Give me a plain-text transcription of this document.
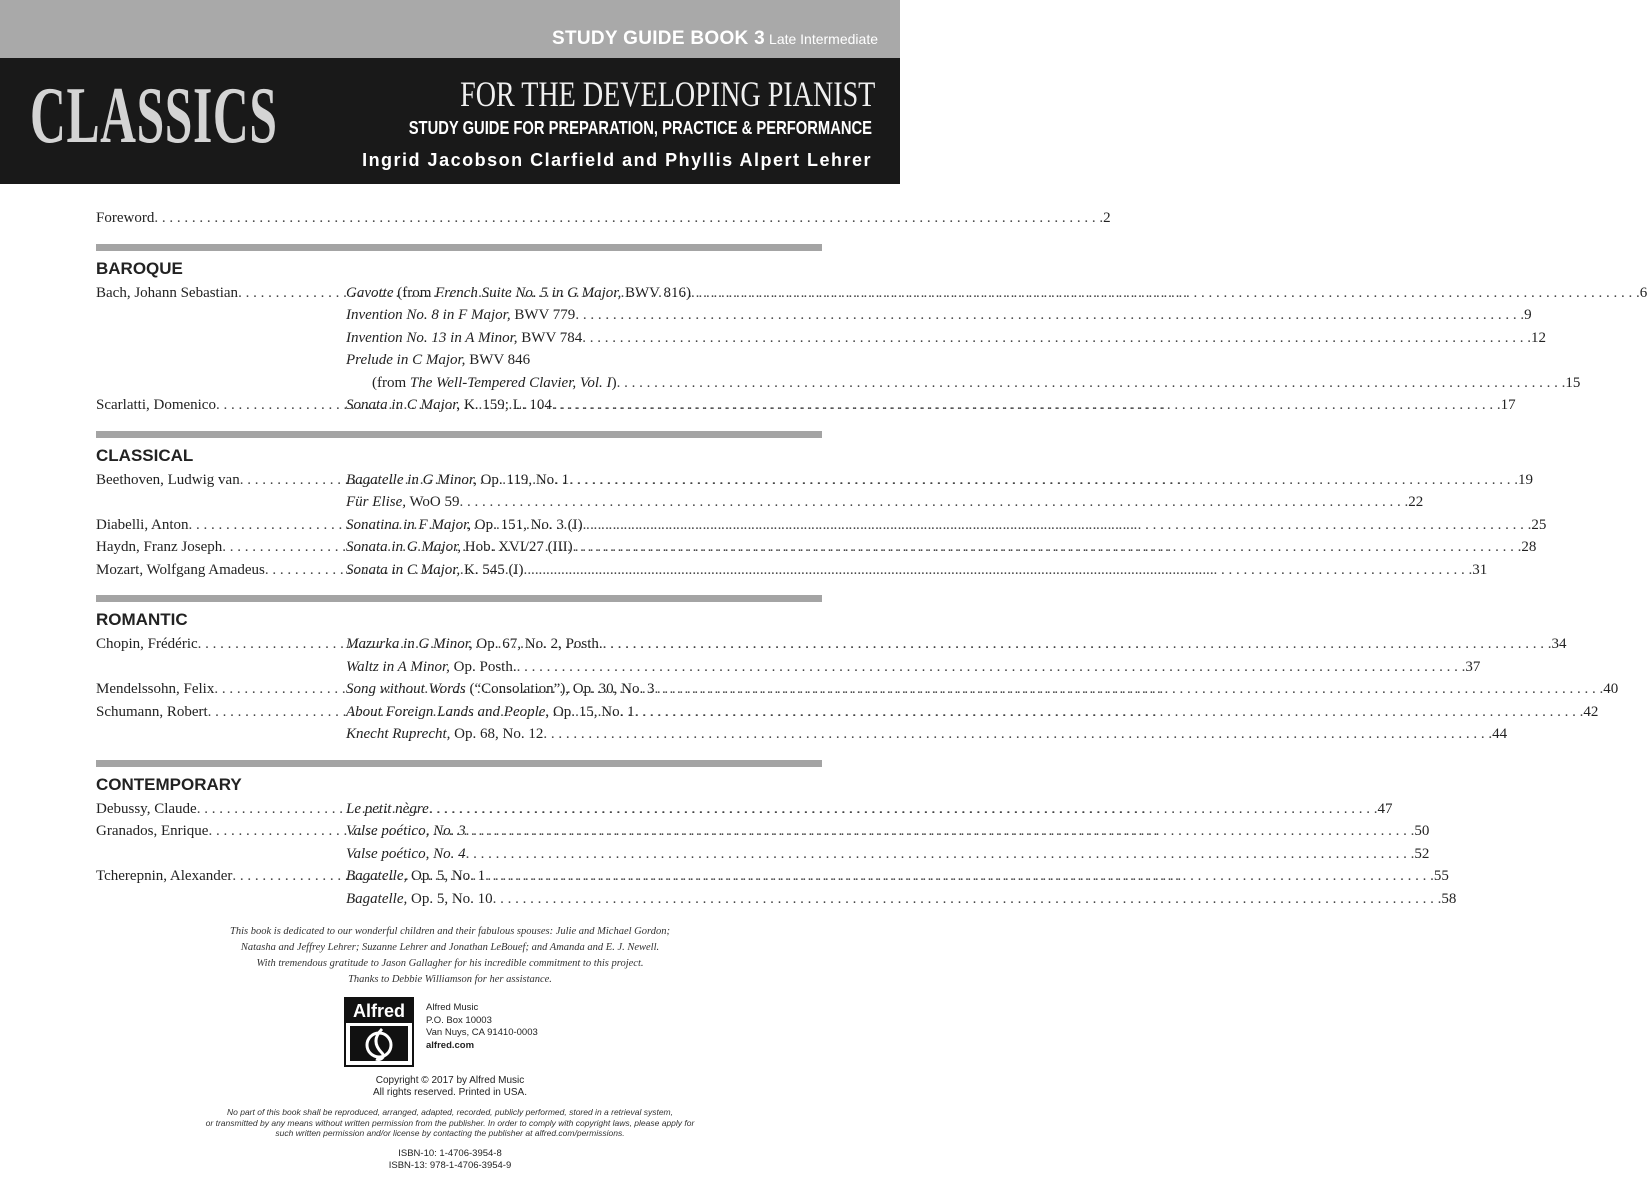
STUDY GUIDE BOOK 3 Late Intermediate
CLASSICS	FOR THE DEVELOPING PIANIST
STUDY GUIDE FOR PREPARATION, PRACTICE & PERFORMANCE
Ingrid Jacobson Clarfield and Phyllis Alpert Lehrer
Foreword . . .	2
BAROQUE
Bach, Johann Sebastian . . .	Gavotte (from French Suite No. 5 in G Major, BWV 816) . . .	6
Invention No. 8 in F Major, BWV 779 . . .	9
Invention No. 13 in A Minor, BWV 784 . . .	12
Prelude in C Major, BWV 846
(from The Well-Tempered Clavier, Vol. I) . . .	15
Scarlatti, Domenico . . .	Sonata in C Major, K. 159; L. 104 . . .	17
CLASSICAL
Beethoven, Ludwig van . . .	Bagatelle in G Minor, Op. 119, No. 1 . . .	19
Für Elise, WoO 59 . . .	22
Diabelli, Anton . . .	Sonatina in F Major, Op. 151, No. 3 (I) . . .	25
Haydn, Franz Joseph . . .	Sonata in G Major, Hob. XVI/27 (III) . . .	28
Mozart, Wolfgang Amadeus . . .	Sonata in C Major, K. 545 (I) . . .	31
ROMANTIC
Chopin, Frédéric . . .	Mazurka in G Minor, Op. 67, No. 2, Posth. . . .	34
Waltz in A Minor, Op. Posth. . . .	37
Mendelssohn, Felix . . .	Song without Words (“Consolation”), Op. 30, No. 3 . . .	40
Schumann, Robert . . .	About Foreign Lands and People, Op. 15, No. 1 . . .	42
Knecht Ruprecht, Op. 68, No. 12 . . .	44
CONTEMPORARY
Debussy, Claude . . .	Le petit nègre . . .	47
Granados, Enrique . . .	Valse poético, No. 3 . . .	50
Valse poético, No. 4 . . .	52
Tcherepnin, Alexander . . .	Bagatelle, Op. 5, No. 1 . . .	55
Bagatelle, Op. 5, No. 10 . . .	58
This book is dedicated to our wonderful children and their fabulous spouses: Julie and Michael Gordon;
Natasha and Jeffrey Lehrer; Suzanne Lehrer and Jonathan LeBouef; and Amanda and E. J. Newell.
With tremendous gratitude to Jason Gallagher for his incredible commitment to this project.
Thanks to Debbie Williamson for her assistance.
Alfred	Alfred Music
P.O. Box 10003
Van Nuys, CA 91410-0003
alfred.com
Copyright © 2017 by Alfred Music
All rights reserved. Printed in USA.
No part of this book shall be reproduced, arranged, adapted, recorded, publicly performed, stored in a retrieval system,
or transmitted by any means without written permission from the publisher. In order to comply with copyright laws, please apply for
such written permission and/or license by contacting the publisher at alfred.com/permissions.
ISBN-10: 1-4706-3954-8
ISBN-13: 978-1-4706-3954-9
